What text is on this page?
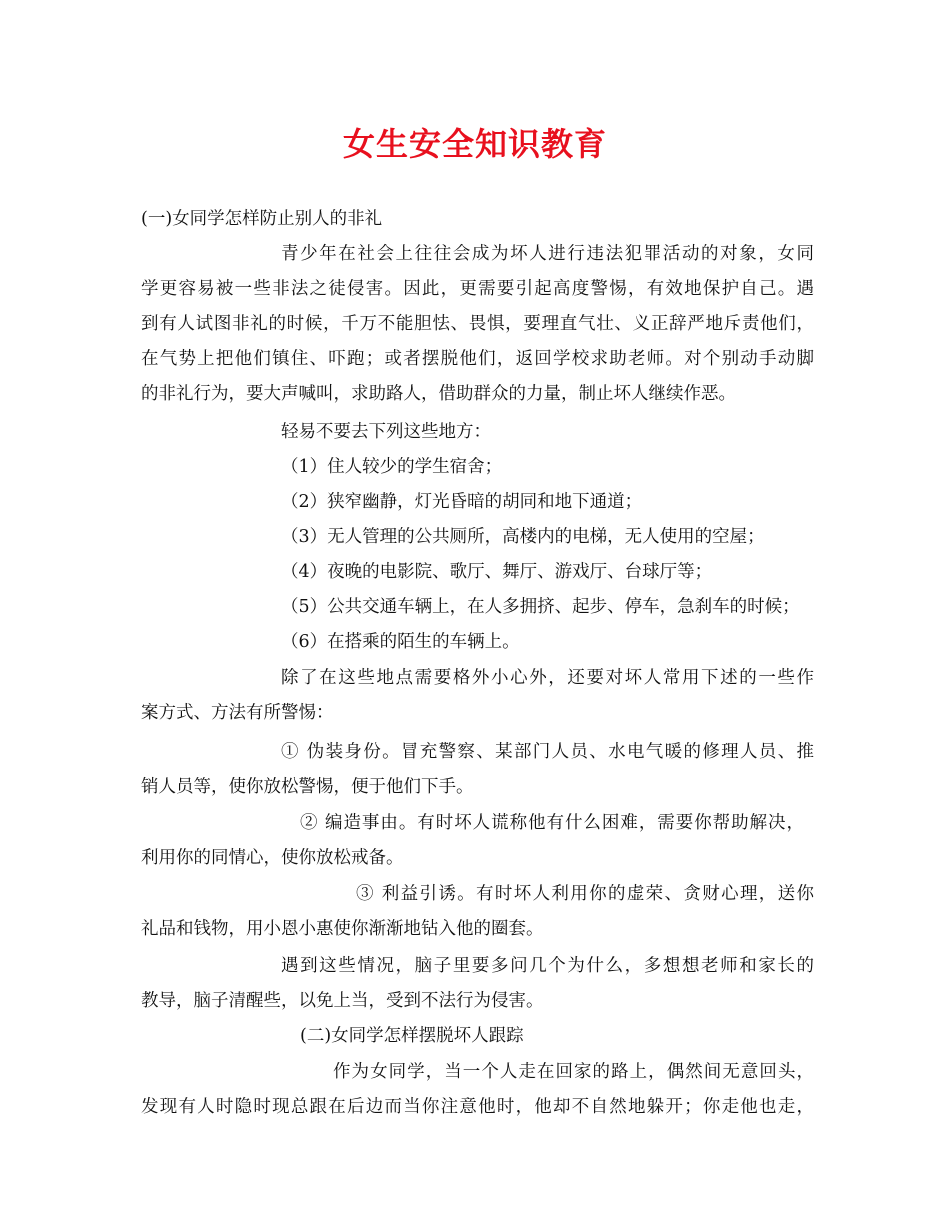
女生安全知识教育
(一)女同学怎样防止别人的非礼
青少年在社会上往往会成为坏人进行违法犯罪活动的对象，女同
学更容易被一些非法之徒侵害。因此，更需要引起高度警惕，有效地保护自己。遇
到有人试图非礼的时候，千万不能胆怯、畏惧，要理直气壮、义正辞严地斥责他们，
在气势上把他们镇住、吓跑；或者摆脱他们，返回学校求助老师。对个别动手动脚
的非礼行为，要大声喊叫，求助路人，借助群众的力量，制止坏人继续作恶。
轻易不要去下列这些地方：
（1）住人较少的学生宿舍；
（2）狭窄幽静，灯光昏暗的胡同和地下通道；
（3）无人管理的公共厕所，高楼内的电梯，无人使用的空屋；
（4）夜晚的电影院、歌厅、舞厅、游戏厅、台球厅等；
（5）公共交通车辆上，在人多拥挤、起步、停车，急刹车的时候；
（6）在搭乘的陌生的车辆上。
除了在这些地点需要格外小心外，还要对坏人常用下述的一些作
案方式、方法有所警惕：
① 伪装身份。冒充警察、某部门人员、水电气暖的修理人员、推
销人员等，使你放松警惕，便于他们下手。
② 编造事由。有时坏人谎称他有什么困难，需要你帮助解决，
利用你的同情心，使你放松戒备。
③ 利益引诱。有时坏人利用你的虚荣、贪财心理，送你
礼品和钱物，用小恩小惠使你渐渐地钻入他的圈套。
遇到这些情况，脑子里要多问几个为什么，多想想老师和家长的
教导，脑子清醒些，以免上当，受到不法行为侵害。
(二)女同学怎样摆脱坏人跟踪
作为女同学，当一个人走在回家的路上，偶然间无意回头，
发现有人时隐时现总跟在后边而当你注意他时，他却不自然地躲开；你走他也走，
